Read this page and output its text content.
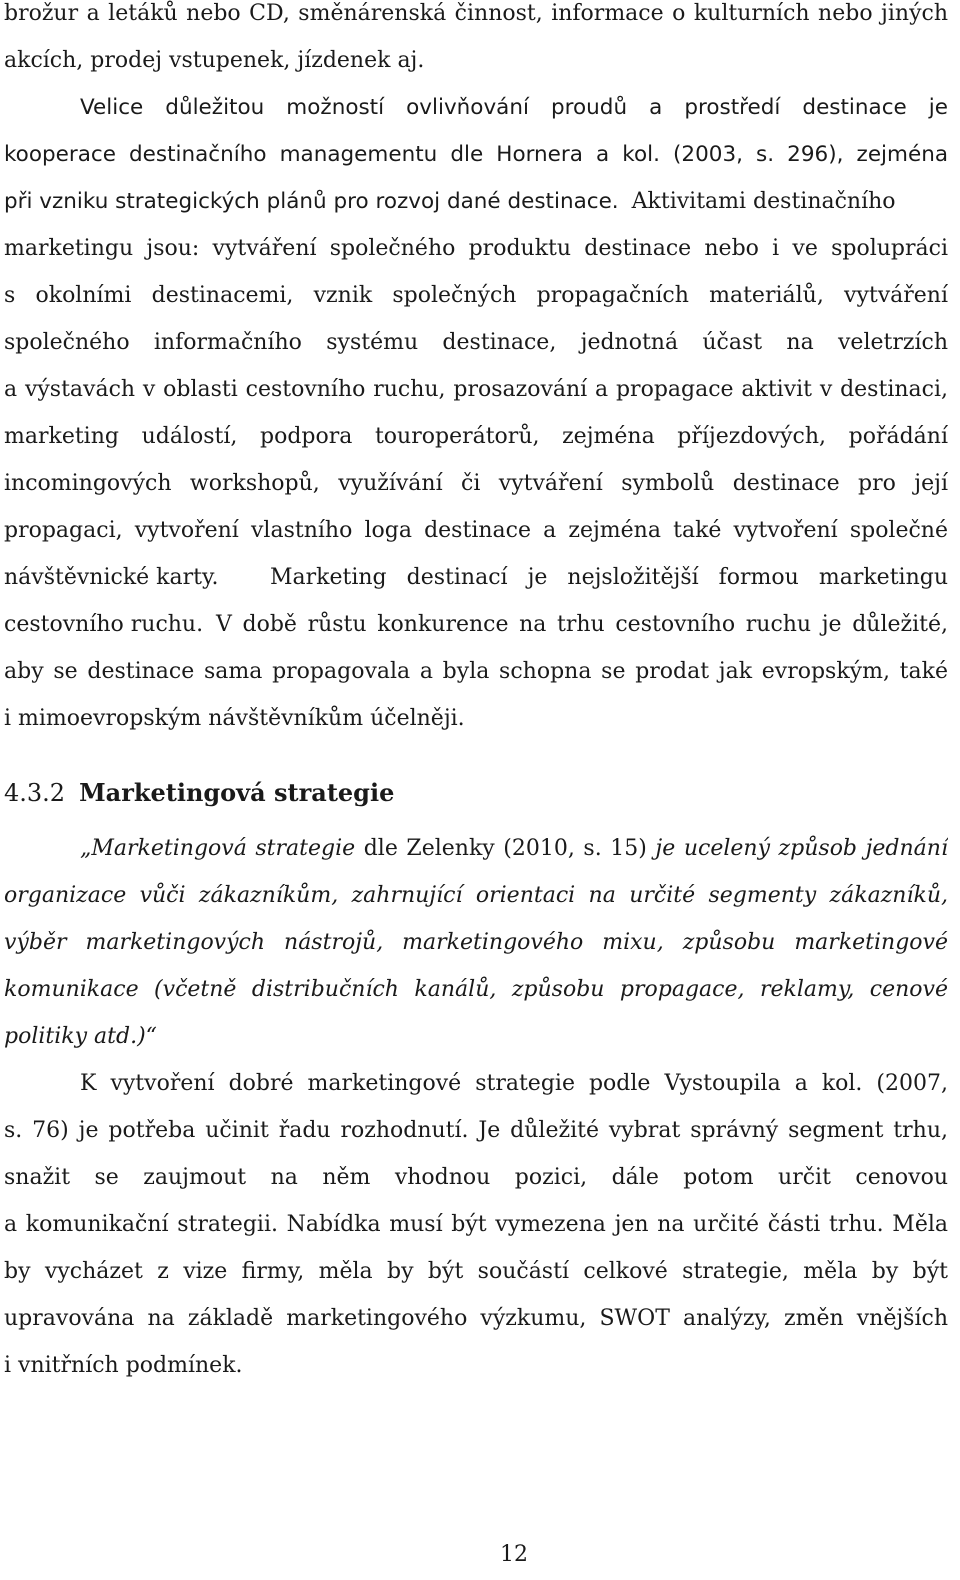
brožur a letáků nebo CD, směnárenská činnost, informace o kulturních nebo jiných
akcích, prodej vstupenek, jízdenek aj.
Velice důležitou možností ovlivňování proudů a prostředí destinace je
kooperace destinačního managementu dle Hornera a kol. (2003, s. 296), zejména
při vzniku strategických plánů pro rozvoj dané destinace. Aktivitami destinačního
marketingu jsou: vytváření společného produktu destinace nebo i ve spolupráci
s okolními destinacemi, vznik společných propagačních materiálů, vytváření
společného informačního systému destinace, jednotná účast na veletrzích
a výstavách v oblasti cestovního ruchu, prosazování a propagace aktivit v destinaci,
marketing událostí, podpora touroperátorů, zejména příjezdových, pořádání
incomingových workshopů, využívání či vytváření symbolů destinace pro její
propagaci, vytvoření vlastního loga destinace a zejména také vytvoření společné
návštěvnické karty. Marketing destinací je nejsložitější formou marketingu
cestovního ruchu. V době růstu konkurence na trhu cestovního ruchu je důležité,
aby se destinace sama propagovala a byla schopna se prodat jak evropským, také
i mimoevropským návštěvníkům účelněji.
4.3.2 Marketingová strategie
„Marketingová strategie dle Zelenky (2010, s. 15) je ucelený způsob jednání
organizace vůči zákazníkům, zahrnující orientaci na určité segmenty zákazníků,
výběr marketingových nástrojů, marketingového mixu, způsobu marketingové
komunikace (včetně distribučních kanálů, způsobu propagace, reklamy, cenové
politiky atd.)“
K vytvoření dobré marketingové strategie podle Vystoupila a kol. (2007,
s. 76) je potřeba učinit řadu rozhodnutí. Je důležité vybrat správný segment trhu,
snažit se zaujmout na něm vhodnou pozici, dále potom určit cenovou
a komunikační strategii. Nabídka musí být vymezena jen na určité části trhu. Měla
by vycházet z vize firmy, měla by být součástí celkové strategie, měla by být
upravována na základě marketingového výzkumu, SWOT analýzy, změn vnějších
i vnitřních podmínek.
12
